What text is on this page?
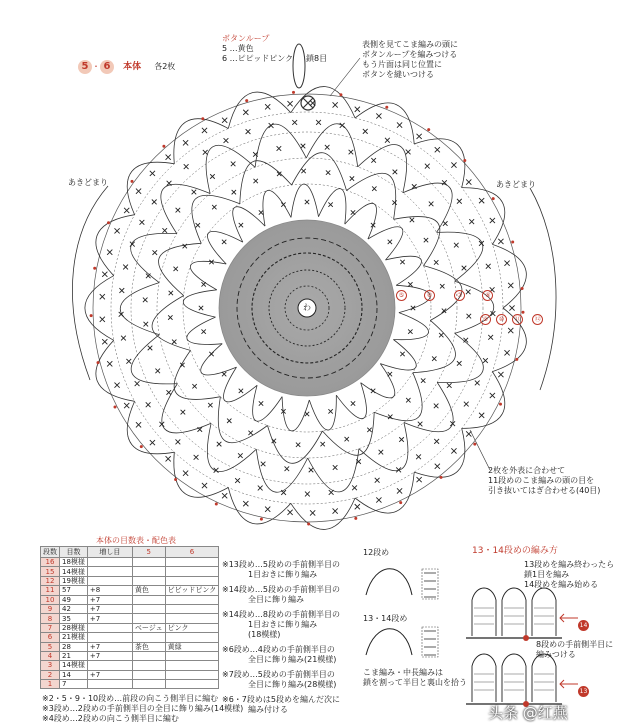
5 ・ 6 本体 各2枚
ボタンループ
5 …黄色
6 …ピピッドピンク 鎖8目
表側を見てこま編みの頭に
ボタンループを編みつける
もう片面は同じ位置に
ボタンを縫いつける
あきどまり	あきどまり
わ
⑤	⑥	⑦	⑧
⑨ ⑩ ⑪ ⑫
2枚を外表に合わせて
11段めのこま編みの頭の目を
引き抜いてはぎ合わせる(40目)
本体の目数表・配色表
段数	目数	増し目	5	6
16	18模様			
15	14模様			
12	19模様			
11	57	+8	黄色	ビビッドピンク
10	49	+7		
9	42	+7		
8	35	+7		
7	28模様		ベージュ	ピンク
6	21模様			
5	28	+7	茶色	黄緑
4	21	+7		
3	14模様			
2	14	+7		
1	7			
※13段め…5段めの手前側半目の
1目おきに飾り編み
※14段め…5段めの手前側半目の
全目に飾り編み
※14段め…8段めの手前側半目の
1目おきに飾り編み
(18模様)
※6段め…4段めの手前側半目の
全目に飾り編み(21模様)
※7段め…5段めの手前側半目の
全目に飾り編み(28模様)
※6・7段めは5段めを編んだ次に
編み付ける
※2・5・9・10段め…前段の向こう側半目に編む
※3段め…2段めの手前側半目の全目に飾り編み(14模様)
※4段め…2段めの向こう側半目に編む
12段め
13・14段め
こま編み・中長編みは
鎖を割って半目と裏山を拾う
13・14段めの編み方
13段めを編み終わったら
鎖1目を編み
14段めを編み始める
8段めの手前側半目に
編みつける
14
13
头条 @红燕
